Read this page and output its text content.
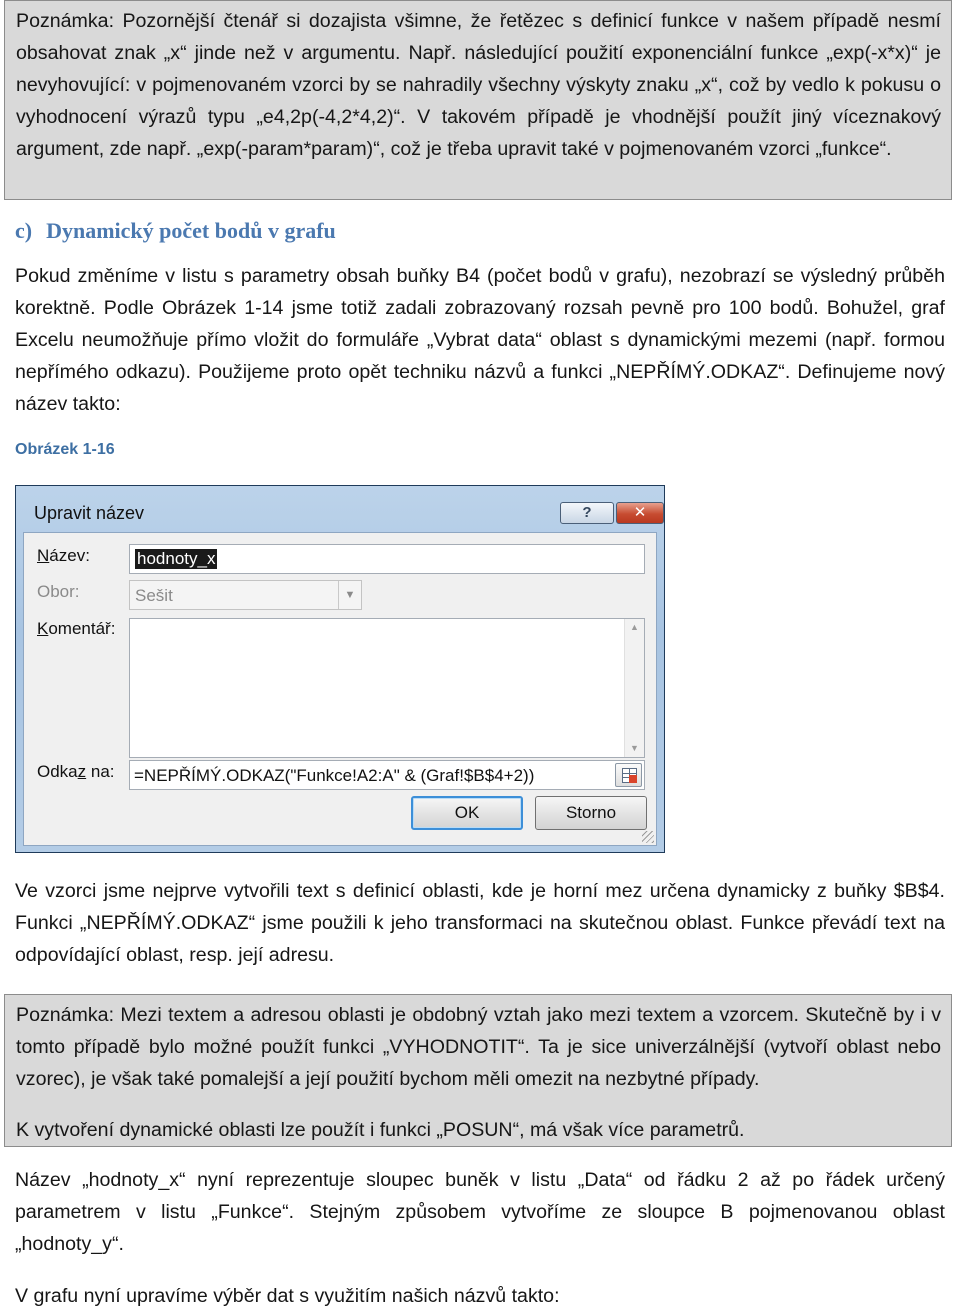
Poznámka: Pozornější čtenář si dozajista všimne, že řetězec s definicí funkce v našem případě nesmí obsahovat znak „x“ jinde než v argumentu. Např. následující použití exponenciální funkce „exp(-x*x)“ je nevyhovující: v pojmenovaném vzorci by se nahradily všechny výskyty znaku „x“, což by vedlo k pokusu o vyhodnocení výrazů typu „e4,2p(-4,2*4,2)“. V takovém případě je vhodnější použít jiný víceznakový argument, zde např. „exp(-param*param)“, což je třeba upravit také v pojmenovaném vzorci „funkce“.

c) Dynamický počet bodů v grafu

Pokud změníme v listu s parametry obsah buňky B4 (počet bodů v grafu), nezobrazí se výsledný průběh korektně. Podle Obrázek 1-14 jsme totiž zadali zobrazovaný rozsah pevně pro 100 bodů. Bohužel, graf Excelu neumožňuje přímo vložit do formuláře „Vybrat data“ oblast s dynamickými mezemi (např. formou nepřímého odkazu). Použijeme proto opět techniku názvů a funkci „NEPŘÍMÝ.ODKAZ“. Definujeme nový název takto:

Obrázek 1-16

Upravit název	?	✕
Název:	hodnoty_x
Obor:	Sešit	▼
Komentář:	▲
▼
Odkaz na: =NEPŘÍMÝ.ODKAZ("Funkce!A2:A" & (Graf!$B$4+2))
OK	Storno

Ve vzorci jsme nejprve vytvořili text s definicí oblasti, kde je horní mez určena dynamicky z buňky $B$4. Funkci „NEPŘÍMÝ.ODKAZ“ jsme použili k jeho transformaci na skutečnou oblast. Funkce převádí text na odpovídající oblast, resp. její adresu.

Poznámka: Mezi textem a adresou oblasti je obdobný vztah jako mezi textem a vzorcem. Skutečně by i v tomto případě bylo možné použít funkci „VYHODNOTIT“. Ta je sice univerzálnější (vytvoří oblast nebo vzorec), je však také pomalejší a její použití bychom měli omezit na nezbytné případy.

K vytvoření dynamické oblasti lze použít i funkci „POSUN“, má však více parametrů.

Název „hodnoty_x“ nyní reprezentuje sloupec buněk v listu „Data“ od řádku 2 až po řádek určený parametrem v listu „Funkce“. Stejným způsobem vytvoříme ze sloupce B pojmenovanou oblast „hodnoty_y“.

V grafu nyní upravíme výběr dat s využitím našich názvů takto:
